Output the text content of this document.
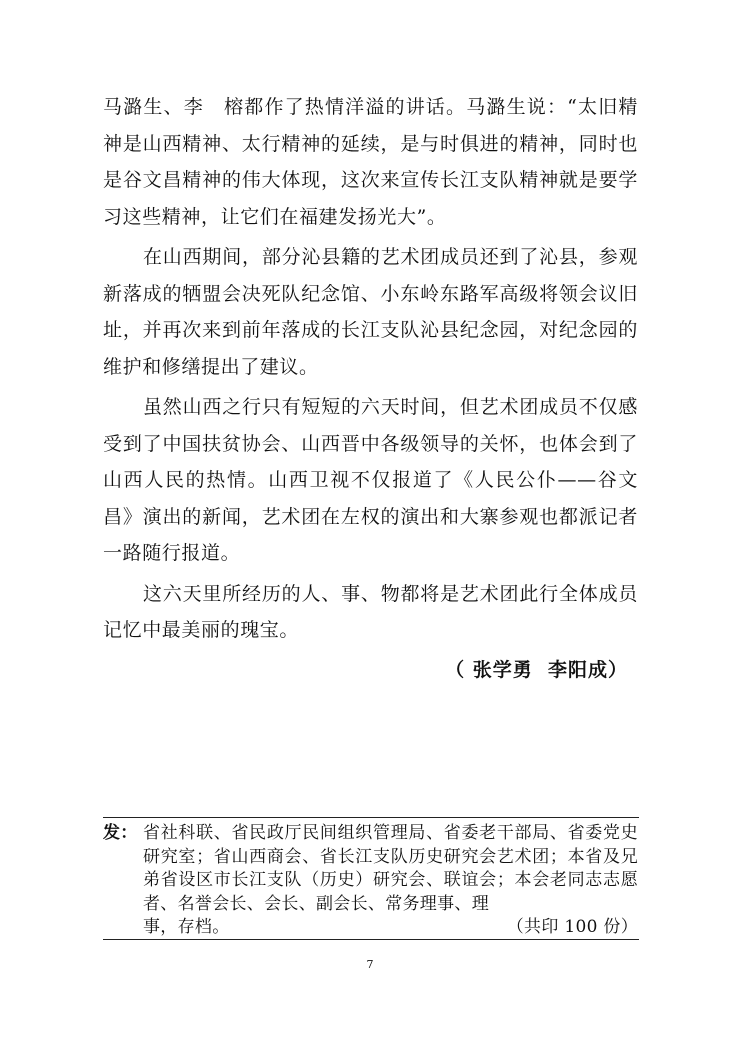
马潞生、李　榕都作了热情洋溢的讲话。马潞生说：“太旧精神是山西精神、太行精神的延续，是与时俱进的精神，同时也是谷文昌精神的伟大体现，这次来宣传长江支队精神就是要学习这些精神，让它们在福建发扬光大”。

在山西期间，部分沁县籍的艺术团成员还到了沁县，参观新落成的牺盟会决死队纪念馆、小东岭东路军高级将领会议旧址，并再次来到前年落成的长江支队沁县纪念园，对纪念园的维护和修缮提出了建议。

虽然山西之行只有短短的六天时间，但艺术团成员不仅感受到了中国扶贫协会、山西晋中各级领导的关怀，也体会到了山西人民的热情。山西卫视不仅报道了《人民公仆——谷文昌》演出的新闻，艺术团在左权的演出和大寨参观也都派记者一路随行报道。

这六天里所经历的人、事、物都将是艺术团此行全体成员记忆中最美丽的瑰宝。

（ 张学勇  李阳成）
发： 省社科联、省民政厅民间组织管理局、省委老干部局、省委党史研究室；省山西商会、省长江支队历史研究会艺术团；本省及兄弟省设区市长江支队（历史）研究会、联谊会；本会老同志志愿者、名誉会长、会长、副会长、常务理事、理
事，存档。	（共印 100 份）
7
